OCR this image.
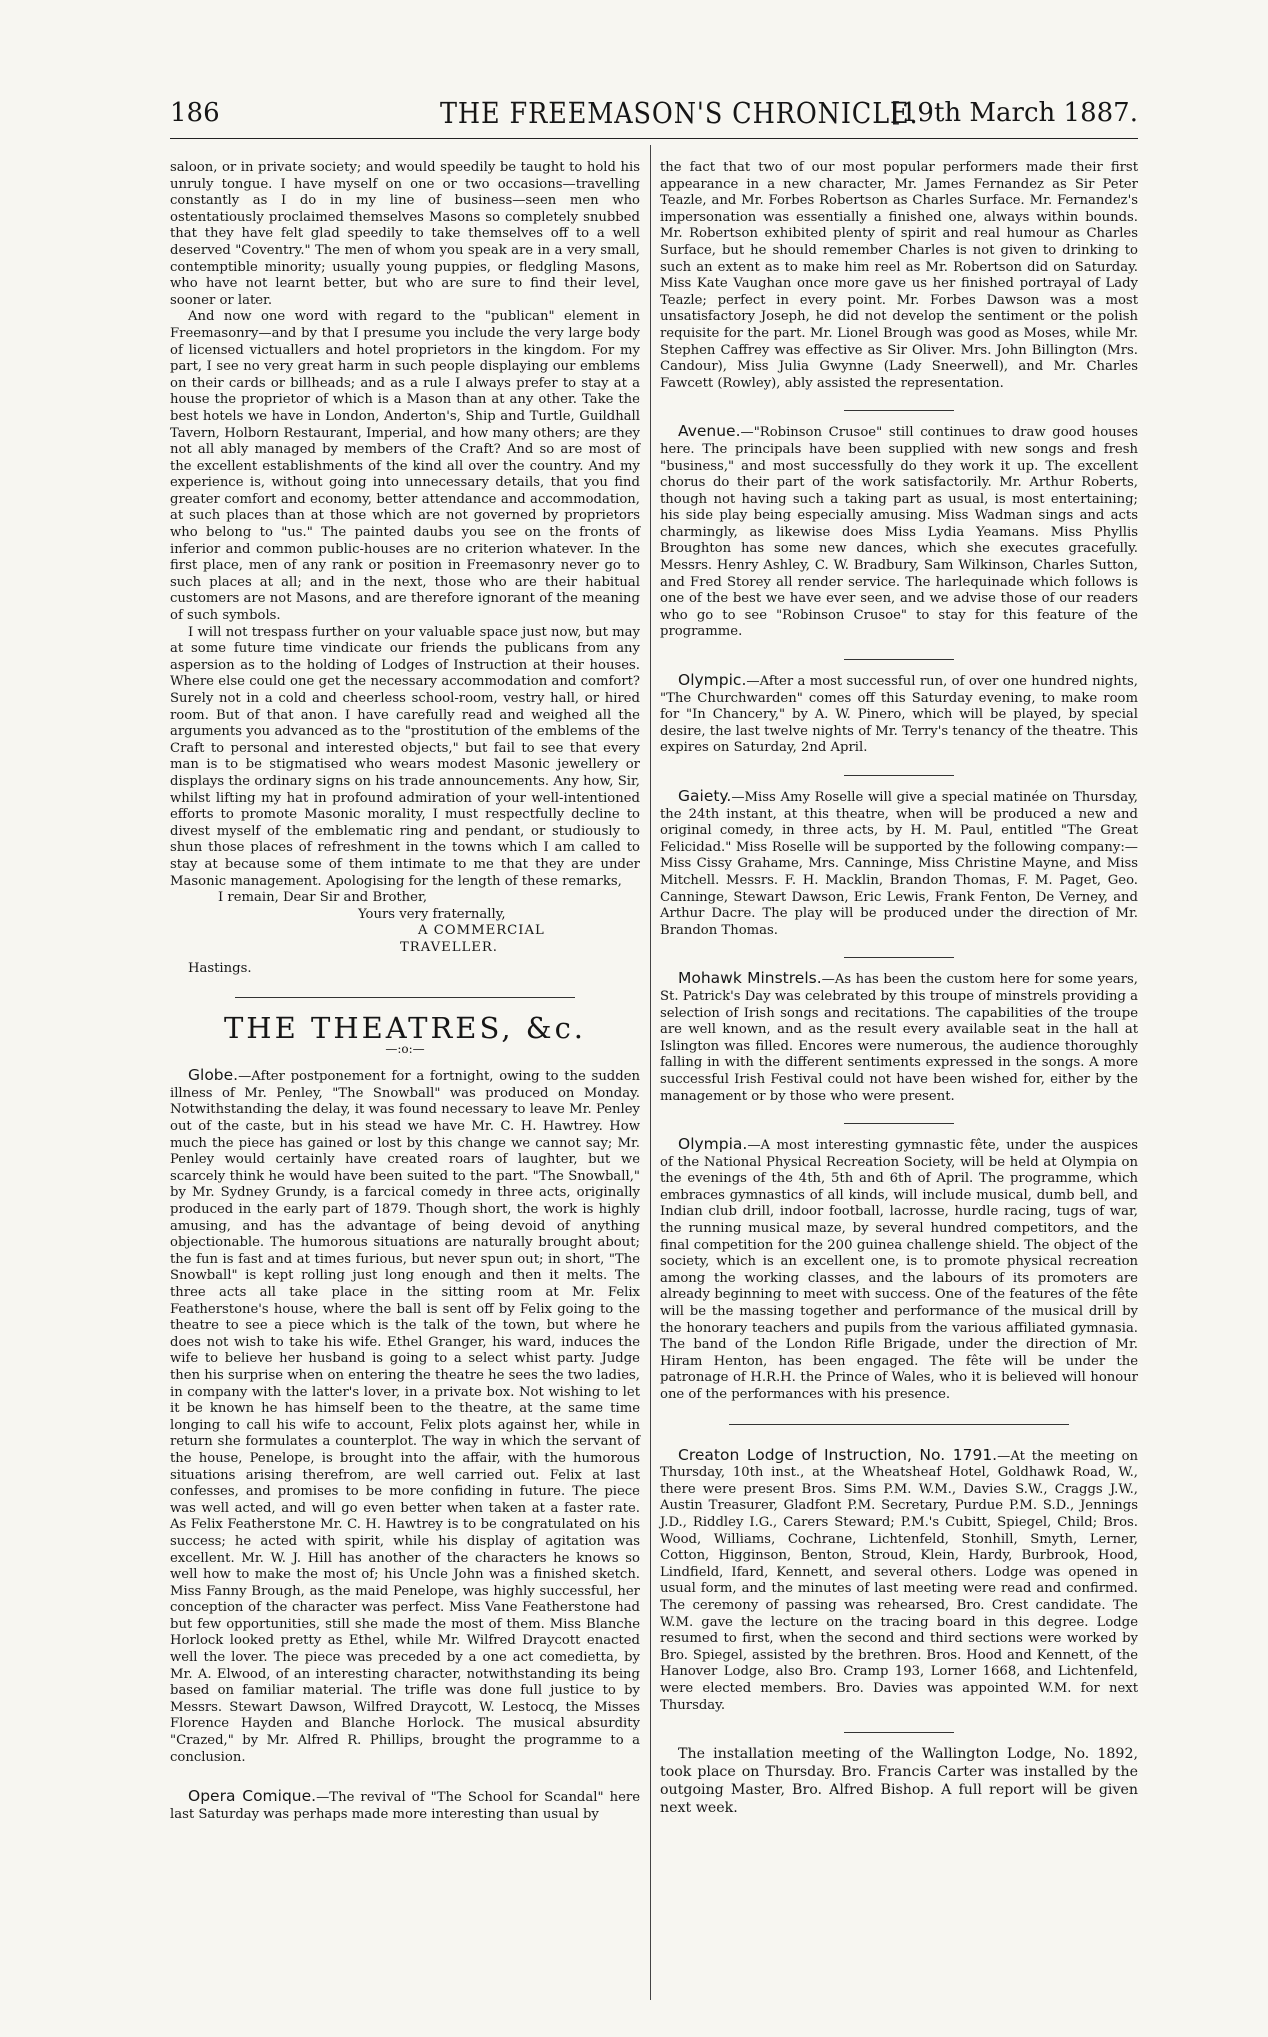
186	THE FREEMASON'S CHRONICLE.
[19th March 1887.

saloon, or in private society; and would speedily be taught to hold his unruly tongue. I have myself on one or two occasions—travelling constantly as I do in my line of business—seen men who ostentatiously proclaimed themselves Masons so completely snubbed that they have felt glad speedily to take themselves off to a well deserved "Coventry." The men of whom you speak are in a very small, contemptible minority; usually young puppies, or fledgling Masons, who have not learnt better, but who are sure to find their level, sooner or later.

And now one word with regard to the "publican" element in Freemasonry—and by that I presume you include the very large body of licensed victuallers and hotel proprietors in the kingdom. For my part, I see no very great harm in such people displaying our emblems on their cards or billheads; and as a rule I always prefer to stay at a house the proprietor of which is a Mason than at any other. Take the best hotels we have in London, Anderton's, Ship and Turtle, Guildhall Tavern, Holborn Restaurant, Imperial, and how many others; are they not all ably managed by members of the Craft? And so are most of the excellent establishments of the kind all over the country. And my experience is, without going into unnecessary details, that you find greater comfort and economy, better attendance and accommodation, at such places than at those which are not governed by proprietors who belong to "us." The painted daubs you see on the fronts of inferior and common public-houses are no criterion whatever. In the first place, men of any rank or position in Freemasonry never go to such places at all; and in the next, those who are their habitual customers are not Masons, and are therefore ignorant of the meaning of such symbols.

I will not trespass further on your valuable space just now, but may at some future time vindicate our friends the publicans from any aspersion as to the holding of Lodges of Instruction at their houses. Where else could one get the necessary accommodation and comfort? Surely not in a cold and cheerless school-room, vestry hall, or hired room. But of that anon. I have carefully read and weighed all the arguments you advanced as to the "prostitution of the emblems of the Craft to personal and interested objects," but fail to see that every man is to be stigmatised who wears modest Masonic jewellery or displays the ordinary signs on his trade announcements. Any how, Sir, whilst lifting my hat in profound admiration of your well-intentioned efforts to promote Masonic morality, I must respectfully decline to divest myself of the emblematic ring and pendant, or studiously to shun those places of refreshment in the towns which I am called to stay at because some of them intimate to me that they are under Masonic management. Apologising for the length of these remarks,

I remain, Dear Sir and Brother,

Yours very fraternally,

A COMMERCIAL TRAVELLER.

Hastings.

THE THEATRES, &c.
—:o:—

Globe.—After postponement for a fortnight, owing to the sudden illness of Mr. Penley, "The Snowball" was produced on Monday. Notwithstanding the delay, it was found necessary to leave Mr. Penley out of the caste, but in his stead we have Mr. C. H. Hawtrey. How much the piece has gained or lost by this change we cannot say; Mr. Penley would certainly have created roars of laughter, but we scarcely think he would have been suited to the part. "The Snowball," by Mr. Sydney Grundy, is a farcical comedy in three acts, originally produced in the early part of 1879. Though short, the work is highly amusing, and has the advantage of being devoid of anything objectionable. The humorous situations are naturally brought about; the fun is fast and at times furious, but never spun out; in short, "The Snowball" is kept rolling just long enough and then it melts. The three acts all take place in the sitting room at Mr. Felix Featherstone's house, where the ball is sent off by Felix going to the theatre to see a piece which is the talk of the town, but where he does not wish to take his wife. Ethel Granger, his ward, induces the wife to believe her husband is going to a select whist party. Judge then his surprise when on entering the theatre he sees the two ladies, in company with the latter's lover, in a private box. Not wishing to let it be known he has himself been to the theatre, at the same time longing to call his wife to account, Felix plots against her, while in return she formulates a counterplot. The way in which the servant of the house, Penelope, is brought into the affair, with the humorous situations arising therefrom, are well carried out. Felix at last confesses, and promises to be more confiding in future. The piece was well acted, and will go even better when taken at a faster rate. As Felix Featherstone Mr. C. H. Hawtrey is to be congratulated on his success; he acted with spirit, while his display of agitation was excellent. Mr. W. J. Hill has another of the characters he knows so well how to make the most of; his Uncle John was a finished sketch. Miss Fanny Brough, as the maid Penelope, was highly successful, her conception of the character was perfect. Miss Vane Featherstone had but few opportunities, still she made the most of them. Miss Blanche Horlock looked pretty as Ethel, while Mr. Wilfred Draycott enacted well the lover. The piece was preceded by a one act comedietta, by Mr. A. Elwood, of an interesting character, notwithstanding its being based on familiar material. The trifle was done full justice to by Messrs. Stewart Dawson, Wilfred Draycott, W. Lestocq, the Misses Florence Hayden and Blanche Horlock. The musical absurdity "Crazed," by Mr. Alfred R. Phillips, brought the programme to a conclusion.

Opera Comique.—The revival of "The School for Scandal" here last Saturday was perhaps made more interesting than usual by

the fact that two of our most popular performers made their first appearance in a new character, Mr. James Fernandez as Sir Peter Teazle, and Mr. Forbes Robertson as Charles Surface. Mr. Fernandez's impersonation was essentially a finished one, always within bounds. Mr. Robertson exhibited plenty of spirit and real humour as Charles Surface, but he should remember Charles is not given to drinking to such an extent as to make him reel as Mr. Robertson did on Saturday. Miss Kate Vaughan once more gave us her finished portrayal of Lady Teazle; perfect in every point. Mr. Forbes Dawson was a most unsatisfactory Joseph, he did not develop the sentiment or the polish requisite for the part. Mr. Lionel Brough was good as Moses, while Mr. Stephen Caffrey was effective as Sir Oliver. Mrs. John Billington (Mrs. Candour), Miss Julia Gwynne (Lady Sneerwell), and Mr. Charles Fawcett (Rowley), ably assisted the representation.

Avenue.—"Robinson Crusoe" still continues to draw good houses here. The principals have been supplied with new songs and fresh "business," and most successfully do they work it up. The excellent chorus do their part of the work satisfactorily. Mr. Arthur Roberts, though not having such a taking part as usual, is most entertaining; his side play being especially amusing. Miss Wadman sings and acts charmingly, as likewise does Miss Lydia Yeamans. Miss Phyllis Broughton has some new dances, which she executes gracefully. Messrs. Henry Ashley, C. W. Bradbury, Sam Wilkinson, Charles Sutton, and Fred Storey all render service. The harlequinade which follows is one of the best we have ever seen, and we advise those of our readers who go to see "Robinson Crusoe" to stay for this feature of the programme.

Olympic.—After a most successful run, of over one hundred nights, "The Churchwarden" comes off this Saturday evening, to make room for "In Chancery," by A. W. Pinero, which will be played, by special desire, the last twelve nights of Mr. Terry's tenancy of the theatre. This expires on Saturday, 2nd April.

Gaiety.—Miss Amy Roselle will give a special matinée on Thursday, the 24th instant, at this theatre, when will be produced a new and original comedy, in three acts, by H. M. Paul, entitled "The Great Felicidad." Miss Roselle will be supported by the following company:—Miss Cissy Grahame, Mrs. Canninge, Miss Christine Mayne, and Miss Mitchell. Messrs. F. H. Macklin, Brandon Thomas, F. M. Paget, Geo. Canninge, Stewart Dawson, Eric Lewis, Frank Fenton, De Verney, and Arthur Dacre. The play will be produced under the direction of Mr. Brandon Thomas.

Mohawk Minstrels.—As has been the custom here for some years, St. Patrick's Day was celebrated by this troupe of minstrels providing a selection of Irish songs and recitations. The capabilities of the troupe are well known, and as the result every available seat in the hall at Islington was filled. Encores were numerous, the audience thoroughly falling in with the different sentiments expressed in the songs. A more successful Irish Festival could not have been wished for, either by the management or by those who were present.

Olympia.—A most interesting gymnastic fête, under the auspices of the National Physical Recreation Society, will be held at Olympia on the evenings of the 4th, 5th and 6th of April. The programme, which embraces gymnastics of all kinds, will include musical, dumb bell, and Indian club drill, indoor football, lacrosse, hurdle racing, tugs of war, the running musical maze, by several hundred competitors, and the final competition for the 200 guinea challenge shield. The object of the society, which is an excellent one, is to promote physical recreation among the working classes, and the labours of its promoters are already beginning to meet with success. One of the features of the fête will be the massing together and performance of the musical drill by the honorary teachers and pupils from the various affiliated gymnasia. The band of the London Rifle Brigade, under the direction of Mr. Hiram Henton, has been engaged. The fête will be under the patronage of H.R.H. the Prince of Wales, who it is believed will honour one of the performances with his presence.

Creaton Lodge of Instruction, No. 1791.—At the meeting on Thursday, 10th inst., at the Wheatsheaf Hotel, Goldhawk Road, W., there were present Bros. Sims P.M. W.M., Davies S.W., Craggs J.W., Austin Treasurer, Gladfont P.M. Secretary, Purdue P.M. S.D., Jennings J.D., Riddley I.G., Carers Steward; P.M.'s Cubitt, Spiegel, Child; Bros. Wood, Williams, Cochrane, Lichtenfeld, Stonhill, Smyth, Lerner, Cotton, Higginson, Benton, Stroud, Klein, Hardy, Burbrook, Hood, Lindfield, Ifard, Kennett, and several others. Lodge was opened in usual form, and the minutes of last meeting were read and confirmed. The ceremony of passing was rehearsed, Bro. Crest candidate. The W.M. gave the lecture on the tracing board in this degree. Lodge resumed to first, when the second and third sections were worked by Bro. Spiegel, assisted by the brethren. Bros. Hood and Kennett, of the Hanover Lodge, also Bro. Cramp 193, Lorner 1668, and Lichtenfeld, were elected members. Bro. Davies was appointed W.M. for next Thursday.

The installation meeting of the Wallington Lodge, No. 1892, took place on Thursday. Bro. Francis Carter was installed by the outgoing Master, Bro. Alfred Bishop. A full report will be given next week.
